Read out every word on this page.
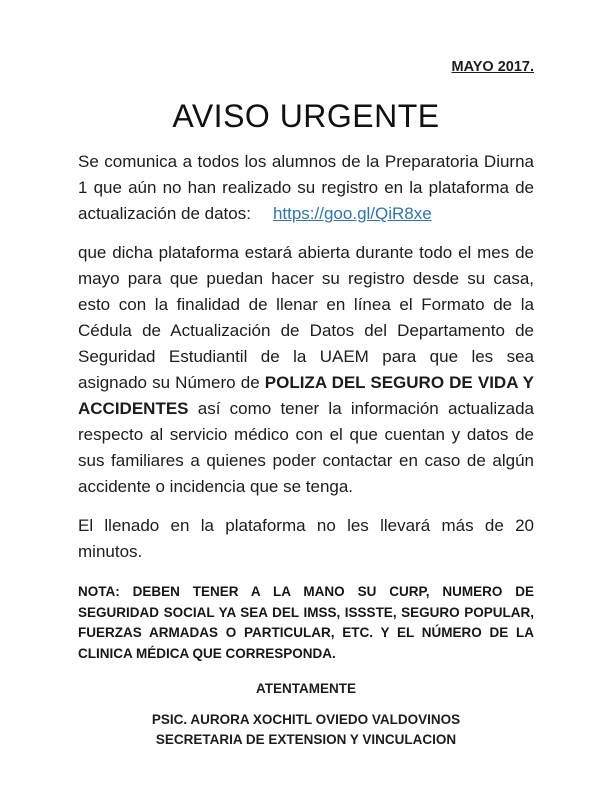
MAYO 2017.
AVISO URGENTE

Se comunica a todos los alumnos de la Preparatoria Diurna 1 que aún no han realizado su registro en la plataforma de actualización de datos: https://goo.gl/QiR8xe

que dicha plataforma estará abierta durante todo el mes de mayo para que puedan hacer su registro desde su casa, esto con la finalidad de llenar en línea el Formato de la Cédula de Actualización de Datos del Departamento de Seguridad Estudiantil de la UAEM para que les sea asignado su Número de POLIZA DEL SEGURO DE VIDA Y ACCIDENTES así como tener la información actualizada respecto al servicio médico con el que cuentan y datos de sus familiares a quienes poder contactar en caso de algún accidente o incidencia que se tenga.

El llenado en la plataforma no les llevará más de 20 minutos.

NOTA: DEBEN TENER A LA MANO SU CURP, NUMERO DE SEGURIDAD SOCIAL YA SEA DEL IMSS, ISSSTE, SEGURO POPULAR, FUERZAS ARMADAS O PARTICULAR, ETC. Y EL NÚMERO DE LA CLINICA MÉDICA QUE CORRESPONDA.

ATENTAMENTE
PSIC. AURORA XOCHITL OVIEDO VALDOVINOS
SECRETARIA DE EXTENSION Y VINCULACION
